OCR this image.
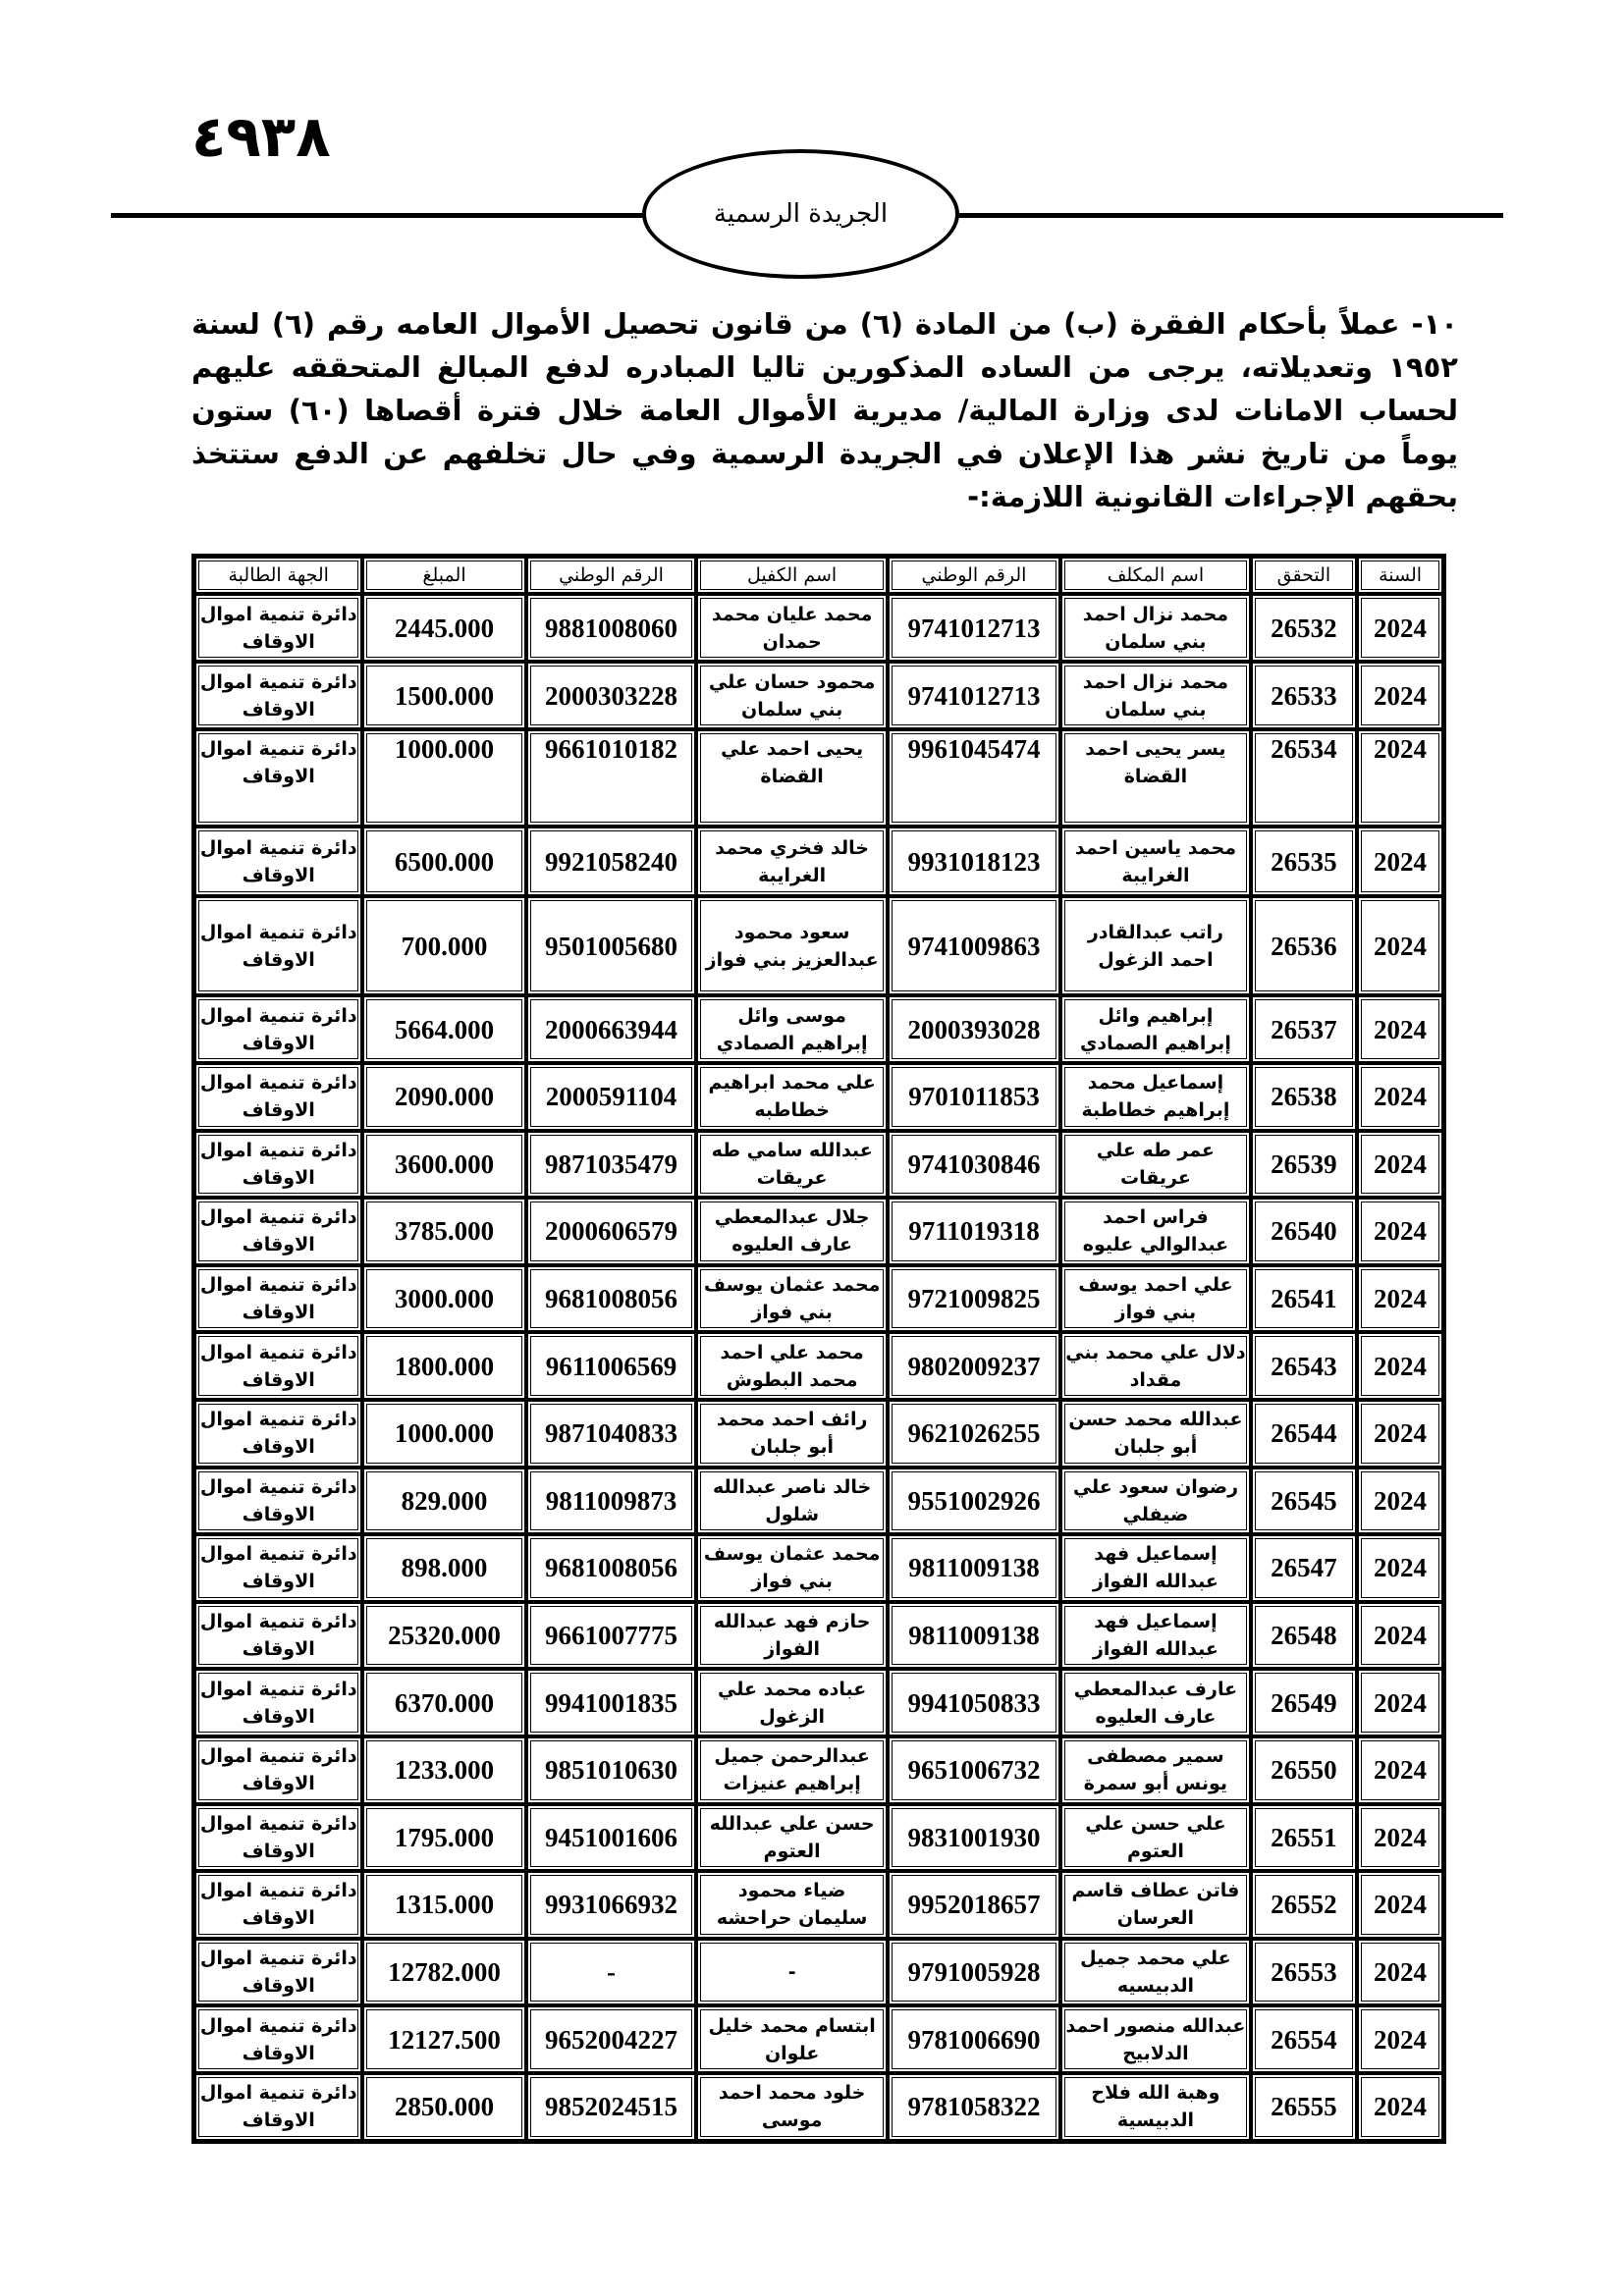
٤٩٣٨
الجريدة الرسمية
١٠- عملاً بأحكام الفقرة (ب) من المادة (٦) من قانون تحصيل الأموال العامه رقم (٦) لسنة ١٩٥٢ وتعديلاته، يرجى من الساده المذكورين تاليا المبادره لدفع المبالغ المتحققه عليهم لحساب الامانات لدى وزارة المالية/ مديرية الأموال العامة خلال فترة أقصاها (٦٠) ستون يوماً من تاريخ نشر هذا الإعلان في الجريدة الرسمية وفي حال تخلفهم عن الدفع ستتخذ بحقهم الإجراءات القانونية اللازمة:-
السنة	التحقق	اسم المكلف	الرقم الوطني	اسم الكفيل	الرقم الوطني	المبلغ	الجهة الطالبة
2024	26532	محمد نزال احمد بني سلمان	9741012713	محمد عليان محمد حمدان	9881008060	2445.000	دائرة تنمية اموال الاوقاف
2024	26533	محمد نزال احمد بني سلمان	9741012713	محمود حسان علي بني سلمان	2000303228	1500.000	دائرة تنمية اموال الاوقاف
2024	26534	يسر يحيى احمد القضاة	9961045474	يحيى احمد علي القضاة	9661010182	1000.000	دائرة تنمية اموال الاوقاف
2024	26535	محمد ياسين احمد الغرايبة	9931018123	خالد فخري محمد الغرايبة	9921058240	6500.000	دائرة تنمية اموال الاوقاف
2024	26536	راتب عبدالقادر احمد الزغول	9741009863	سعود محمود عبدالعزيز بني فواز	9501005680	700.000	دائرة تنمية اموال الاوقاف
2024	26537	إبراهيم وائل إبراهيم الصمادي	2000393028	موسى وائل إبراهيم الصمادي	2000663944	5664.000	دائرة تنمية اموال الاوقاف
2024	26538	إسماعيل محمد إبراهيم خطاطبة	9701011853	علي محمد ابراهيم خطاطبه	2000591104	2090.000	دائرة تنمية اموال الاوقاف
2024	26539	عمر طه علي عريقات	9741030846	عبدالله سامي طه عريقات	9871035479	3600.000	دائرة تنمية اموال الاوقاف
2024	26540	فراس احمد عبدالوالي عليوه	9711019318	جلال عبدالمعطي عارف العليوه	2000606579	3785.000	دائرة تنمية اموال الاوقاف
2024	26541	علي احمد يوسف بني فواز	9721009825	محمد عثمان يوسف بني فواز	9681008056	3000.000	دائرة تنمية اموال الاوقاف
2024	26543	دلال علي محمد بني مقداد	9802009237	محمد علي احمد محمد البطوش	9611006569	1800.000	دائرة تنمية اموال الاوقاف
2024	26544	عبدالله محمد حسن أبو جلبان	9621026255	رائف احمد محمد أبو جلبان	9871040833	1000.000	دائرة تنمية اموال الاوقاف
2024	26545	رضوان سعود علي ضيفلي	9551002926	خالد ناصر عبدالله شلول	9811009873	829.000	دائرة تنمية اموال الاوقاف
2024	26547	إسماعيل فهد عبدالله الفواز	9811009138	محمد عثمان يوسف بني فواز	9681008056	898.000	دائرة تنمية اموال الاوقاف
2024	26548	إسماعيل فهد عبدالله الفواز	9811009138	حازم فهد عبدالله الفواز	9661007775	25320.000	دائرة تنمية اموال الاوقاف
2024	26549	عارف عبدالمعطي عارف العليوه	9941050833	عباده محمد علي الزغول	9941001835	6370.000	دائرة تنمية اموال الاوقاف
2024	26550	سمير مصطفى يونس أبو سمرة	9651006732	عبدالرحمن جميل إبراهيم عنيزات	9851010630	1233.000	دائرة تنمية اموال الاوقاف
2024	26551	علي حسن علي العتوم	9831001930	حسن علي عبدالله العتوم	9451001606	1795.000	دائرة تنمية اموال الاوقاف
2024	26552	فاتن عطاف قاسم العرسان	9952018657	ضياء محمود سليمان حراحشه	9931066932	1315.000	دائرة تنمية اموال الاوقاف
2024	26553	علي محمد جميل الدبيسيه	9791005928	-	-	12782.000	دائرة تنمية اموال الاوقاف
2024	26554	عبدالله منصور احمد الدلابيح	9781006690	ابتسام محمد خليل علوان	9652004227	12127.500	دائرة تنمية اموال الاوقاف
2024	26555	وهبة الله فلاح الدبيسية	9781058322	خلود محمد احمد موسى	9852024515	2850.000	دائرة تنمية اموال الاوقاف
